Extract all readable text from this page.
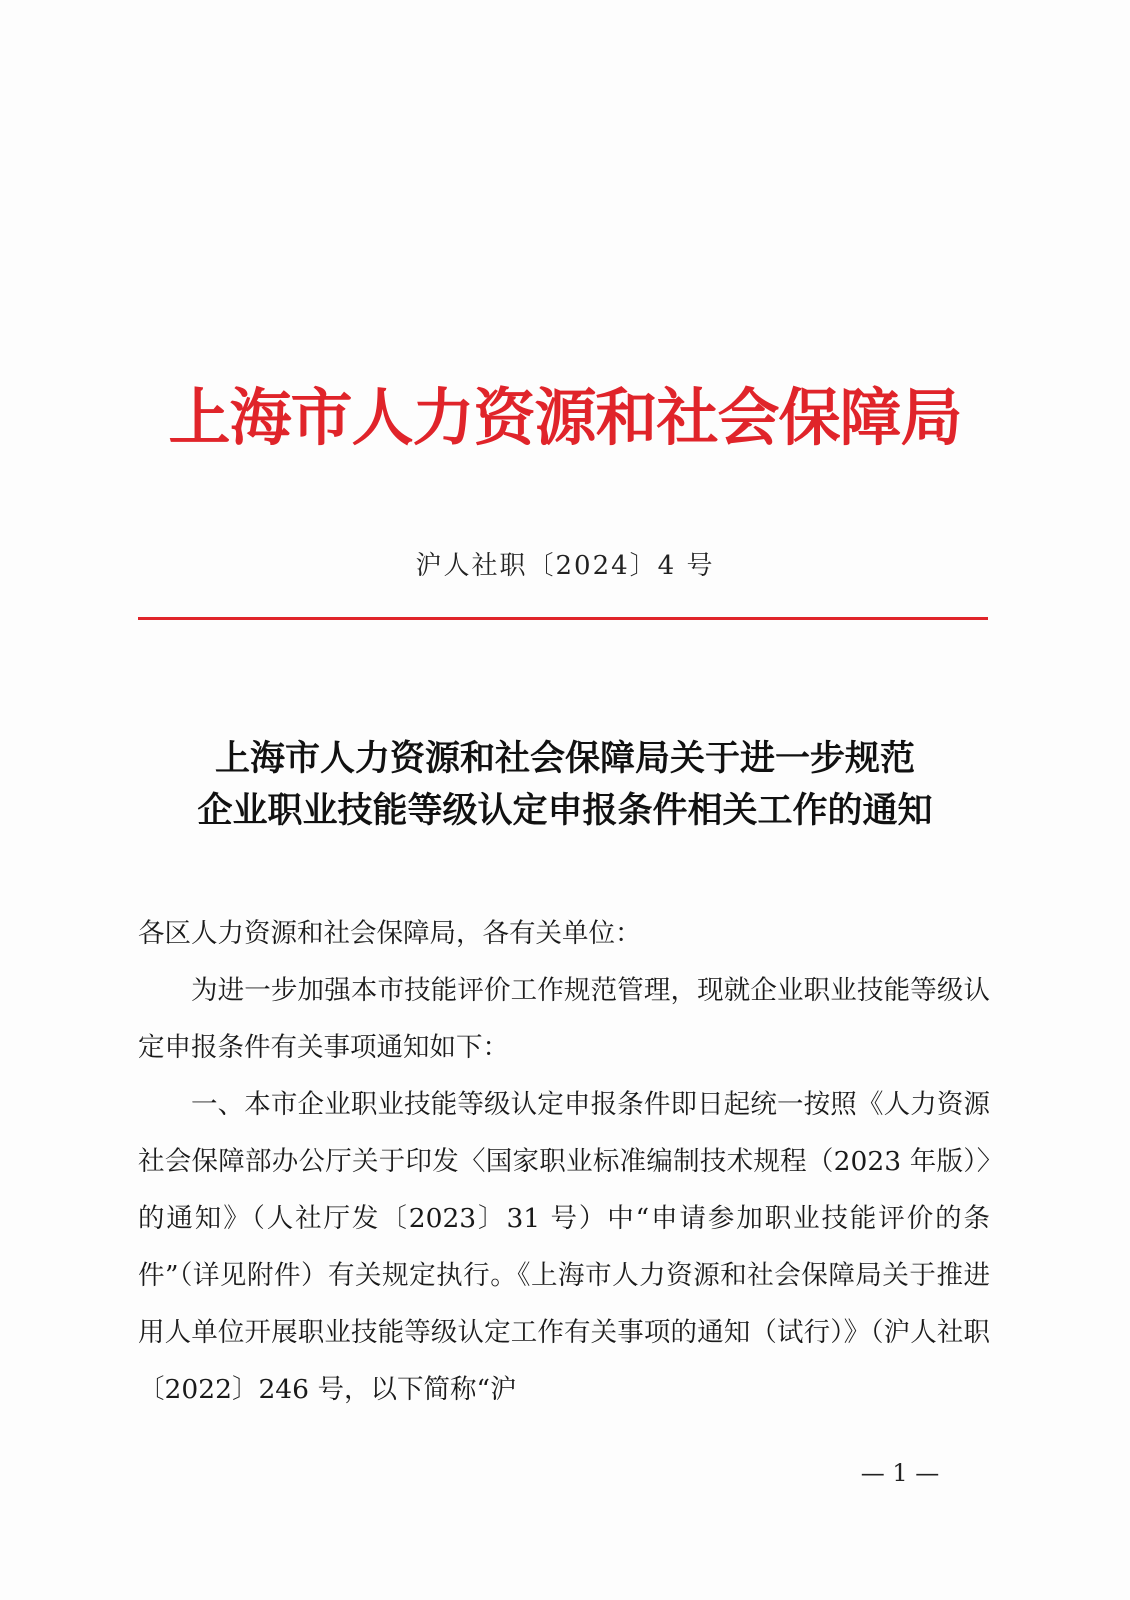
上海市人力资源和社会保障局
沪人社职〔2024〕4 号
上海市人力资源和社会保障局关于进一步规范
企业职业技能等级认定申报条件相关工作的通知

各区人力资源和社会保障局，各有关单位：

为进一步加强本市技能评价工作规范管理，现就企业职业技能等级认定申报条件有关事项通知如下：

一、本市企业职业技能等级认定申报条件即日起统一按照《人力资源社会保障部办公厅关于印发〈国家职业标准编制技术规程（2023 年版）〉的通知》（人社厅发〔2023〕31 号）中“申请参加职业技能评价的条件”（详见附件）有关规定执行。《上海市人力资源和社会保障局关于推进用人单位开展职业技能等级认定工作有关事项的通知（试行）》（沪人社职〔2022〕246 号，以下简称“沪

— 1 —
